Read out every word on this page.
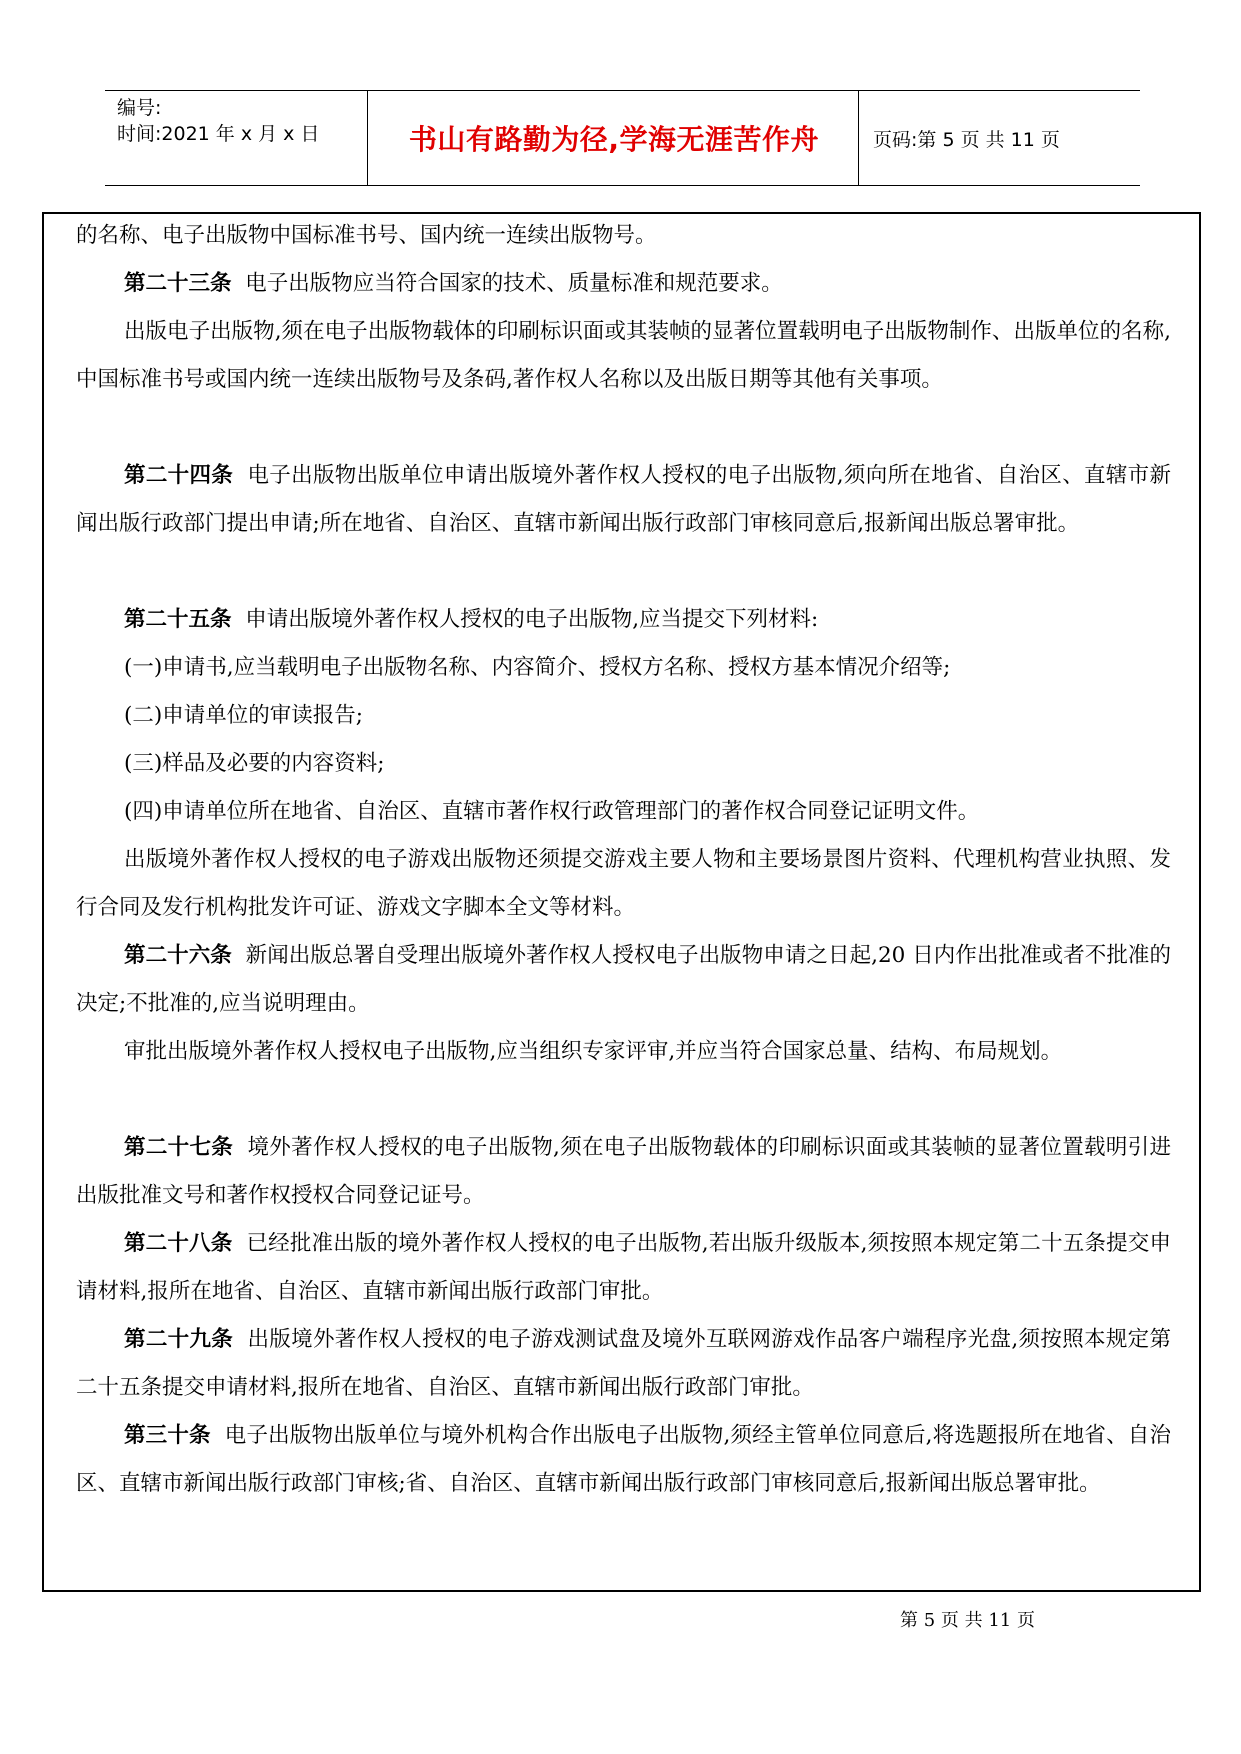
编号:
时间:2021 年 x 月 x 日	书山有路勤为径,学海无涯苦作舟	页码:第 5 页 共 11 页
的名称、电子出版物中国标准书号、国内统一连续出版物号。
第二十三条 电子出版物应当符合国家的技术、质量标准和规范要求。
出版电子出版物,须在电子出版物载体的印刷标识面或其装帧的显著位置载明电子出版物制作、出版单位的名称,中国标准书号或国内统一连续出版物号及条码,著作权人名称以及出版日期等其他有关事项。
第二十四条 电子出版物出版单位申请出版境外著作权人授权的电子出版物,须向所在地省、自治区、直辖市新闻出版行政部门提出申请;所在地省、自治区、直辖市新闻出版行政部门审核同意后,报新闻出版总署审批。
第二十五条 申请出版境外著作权人授权的电子出版物,应当提交下列材料:
(一)申请书,应当载明电子出版物名称、内容简介、授权方名称、授权方基本情况介绍等;
(二)申请单位的审读报告;
(三)样品及必要的内容资料;
(四)申请单位所在地省、自治区、直辖市著作权行政管理部门的著作权合同登记证明文件。
出版境外著作权人授权的电子游戏出版物还须提交游戏主要人物和主要场景图片资料、代理机构营业执照、发行合同及发行机构批发许可证、游戏文字脚本全文等材料。
第二十六条 新闻出版总署自受理出版境外著作权人授权电子出版物申请之日起,20 日内作出批准或者不批准的决定;不批准的,应当说明理由。
审批出版境外著作权人授权电子出版物,应当组织专家评审,并应当符合国家总量、结构、布局规划。
第二十七条 境外著作权人授权的电子出版物,须在电子出版物载体的印刷标识面或其装帧的显著位置载明引进出版批准文号和著作权授权合同登记证号。
第二十八条 已经批准出版的境外著作权人授权的电子出版物,若出版升级版本,须按照本规定第二十五条提交申请材料,报所在地省、自治区、直辖市新闻出版行政部门审批。
第二十九条 出版境外著作权人授权的电子游戏测试盘及境外互联网游戏作品客户端程序光盘,须按照本规定第二十五条提交申请材料,报所在地省、自治区、直辖市新闻出版行政部门审批。
第三十条 电子出版物出版单位与境外机构合作出版电子出版物,须经主管单位同意后,将选题报所在地省、自治区、直辖市新闻出版行政部门审核;省、自治区、直辖市新闻出版行政部门审核同意后,报新闻出版总署审批。
第 5 页 共 11 页
